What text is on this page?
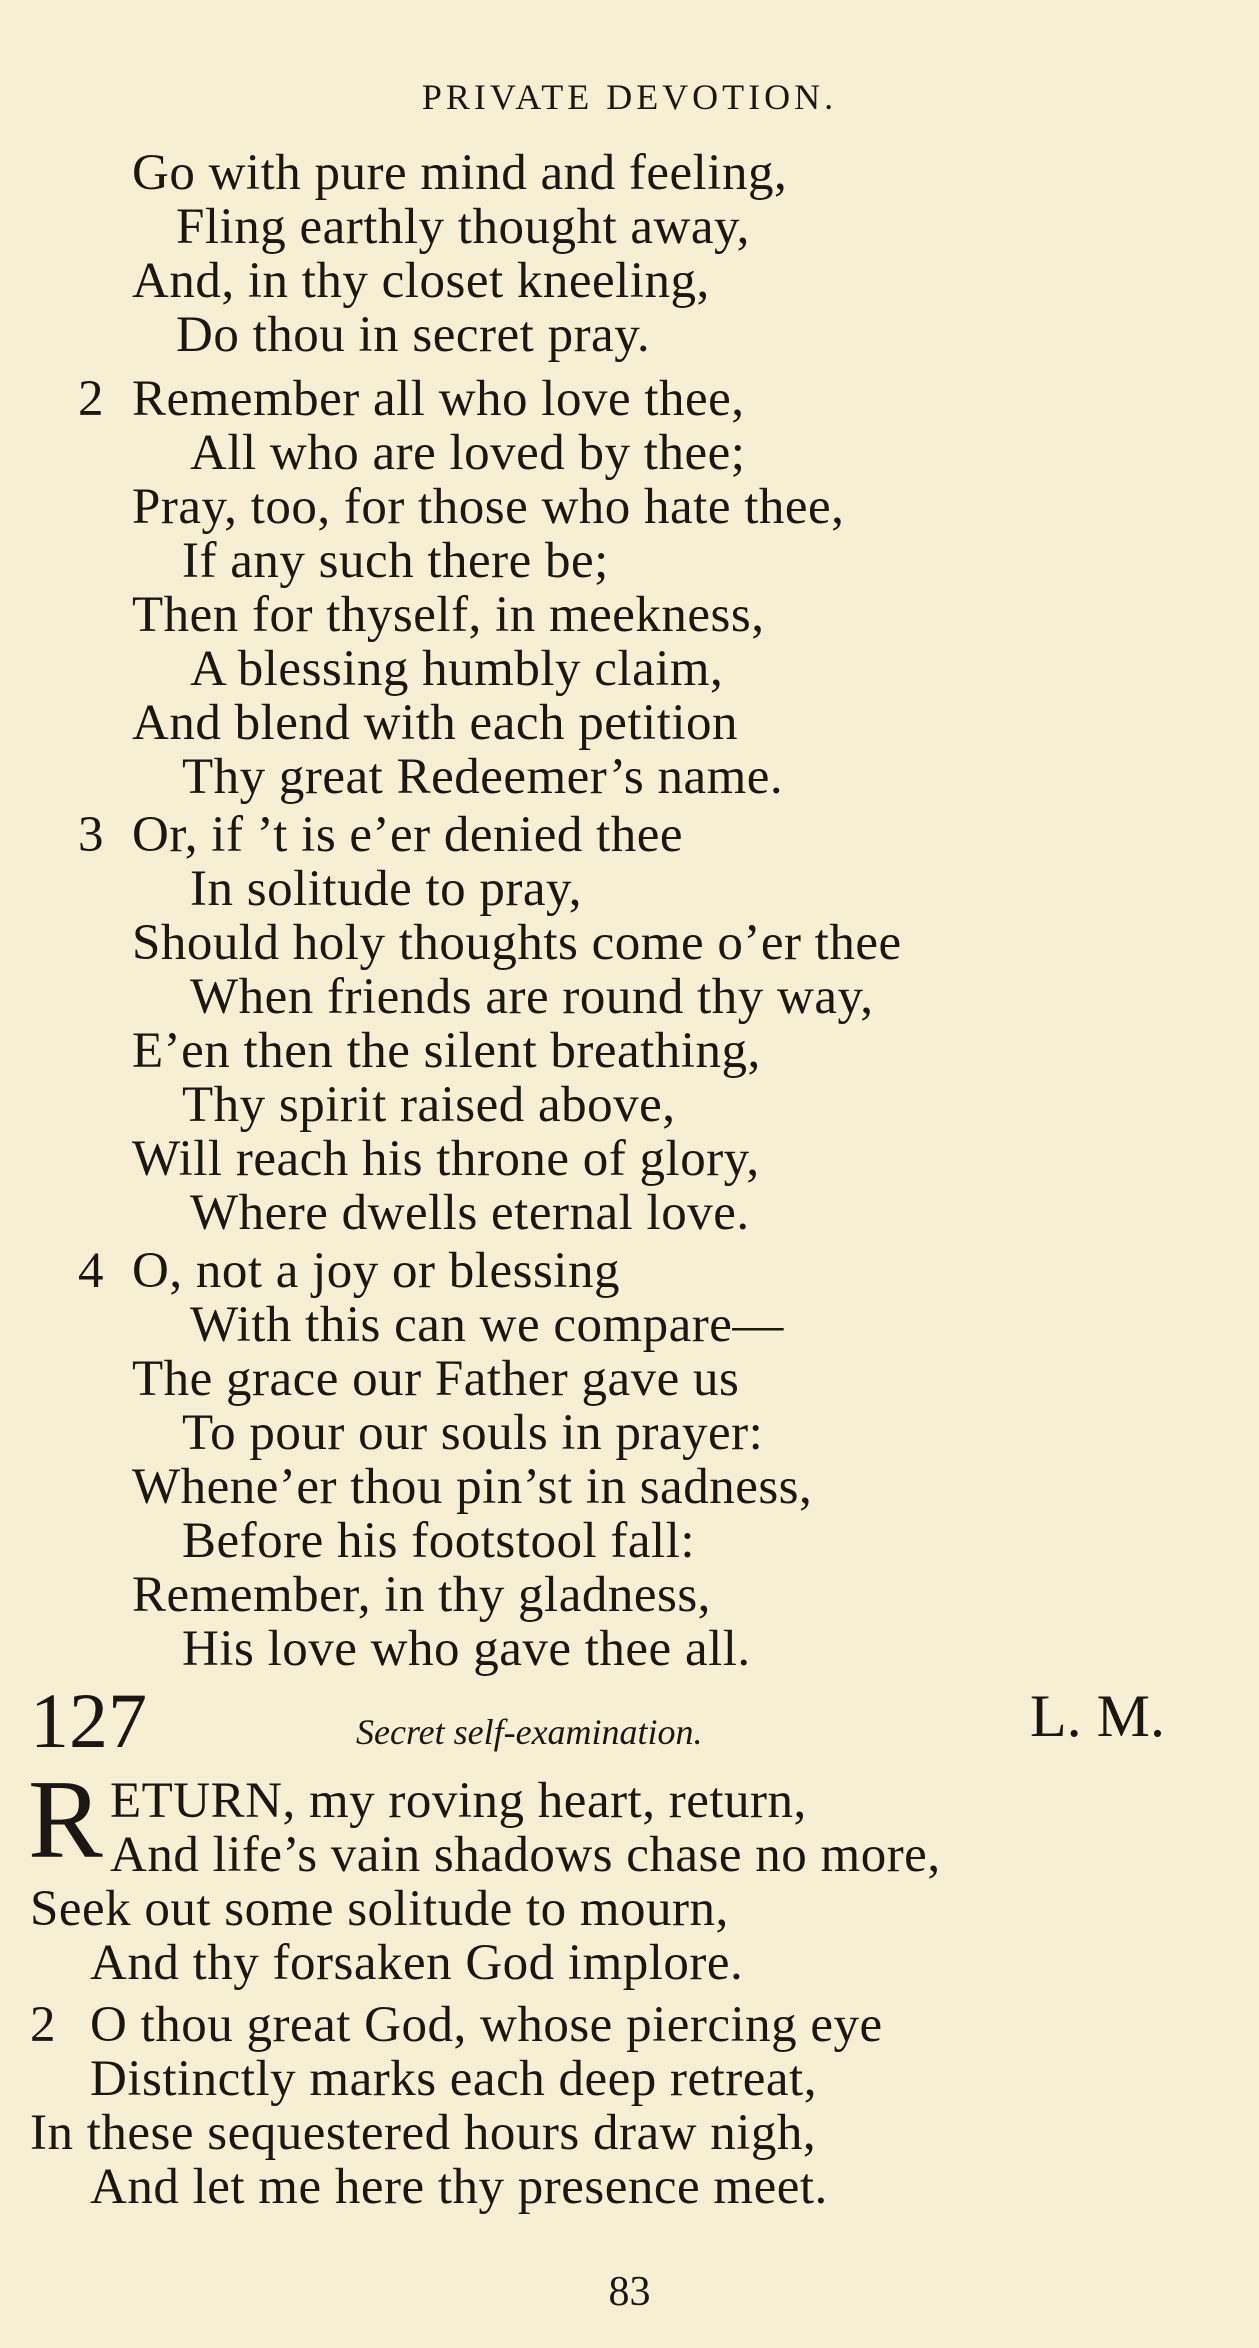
PRIVATE DEVOTION.
Go with pure mind and feeling,
Fling earthly thought away,
And, in thy closet kneeling,
Do thou in secret pray.
2 Remember all who love thee,
All who are loved by thee;
Pray, too, for those who hate thee,
If any such there be;
Then for thyself, in meekness,
A blessing humbly claim,
And blend with each petition
Thy great Redeemer’s name.
3 Or, if ’t is e’er denied thee
In solitude to pray,
Should holy thoughts come o’er thee
When friends are round thy way,
E’en then the silent breathing,
Thy spirit raised above,
Will reach his throne of glory,
Where dwells eternal love.
4 O, not a joy or blessing
With this can we compare—
The grace our Father gave us
To pour our souls in prayer:
Whene’er thou pin’st in sadness,
Before his footstool fall:
Remember, in thy gladness,
His love who gave thee all.
127	Secret self-examination.	L. M.
R ETURN, my roving heart, return,
And life’s vain shadows chase no more,
Seek out some solitude to mourn,
And thy forsaken God implore.
2 O thou great God, whose piercing eye
Distinctly marks each deep retreat,
In these sequestered hours draw nigh,
And let me here thy presence meet.
83
